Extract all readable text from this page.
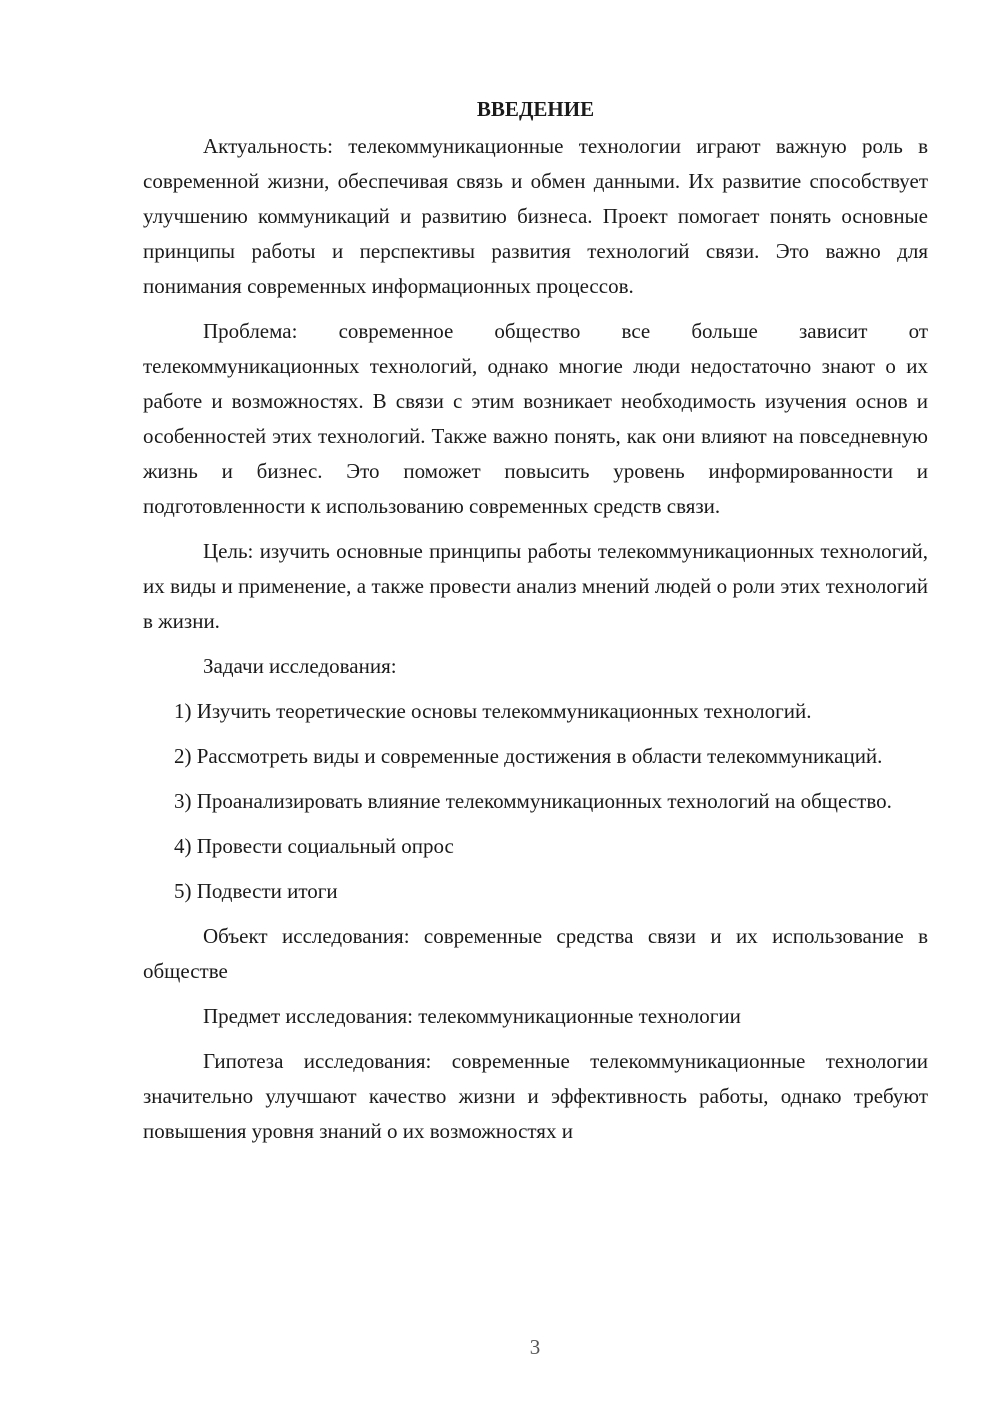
ВВЕДЕНИЕ

Актуальность: телекоммуникационные технологии играют важную роль в современной жизни, обеспечивая связь и обмен данными. Их развитие способствует улучшению коммуникаций и развитию бизнеса. Проект помогает понять основные принципы работы и перспективы развития технологий связи. Это важно для понимания современных информационных процессов.

Проблема: современное общество все больше зависит от телекоммуникационных технологий, однако многие люди недостаточно знают о их работе и возможностях. В связи с этим возникает необходимость изучения основ и особенностей этих технологий. Также важно понять, как они влияют на повседневную жизнь и бизнес. Это поможет повысить уровень информированности и подготовленности к использованию современных средств связи.

Цель: изучить основные принципы работы телекоммуникационных технологий, их виды и применение, а также провести анализ мнений людей о роли этих технологий в жизни.

Задачи исследования:

1) Изучить теоретические основы телекоммуникационных технологий.

2) Рассмотреть виды и современные достижения в области телекоммуникаций.

3) Проанализировать влияние телекоммуникационных технологий на общество.

4) Провести социальный опрос

5) Подвести итоги

Объект исследования: современные средства связи и их использование в обществе

Предмет исследования: телекоммуникационные технологии

Гипотеза исследования: современные телекоммуникационные технологии значительно улучшают качество жизни и эффективность работы, однако требуют повышения уровня знаний о их возможностях и

3
